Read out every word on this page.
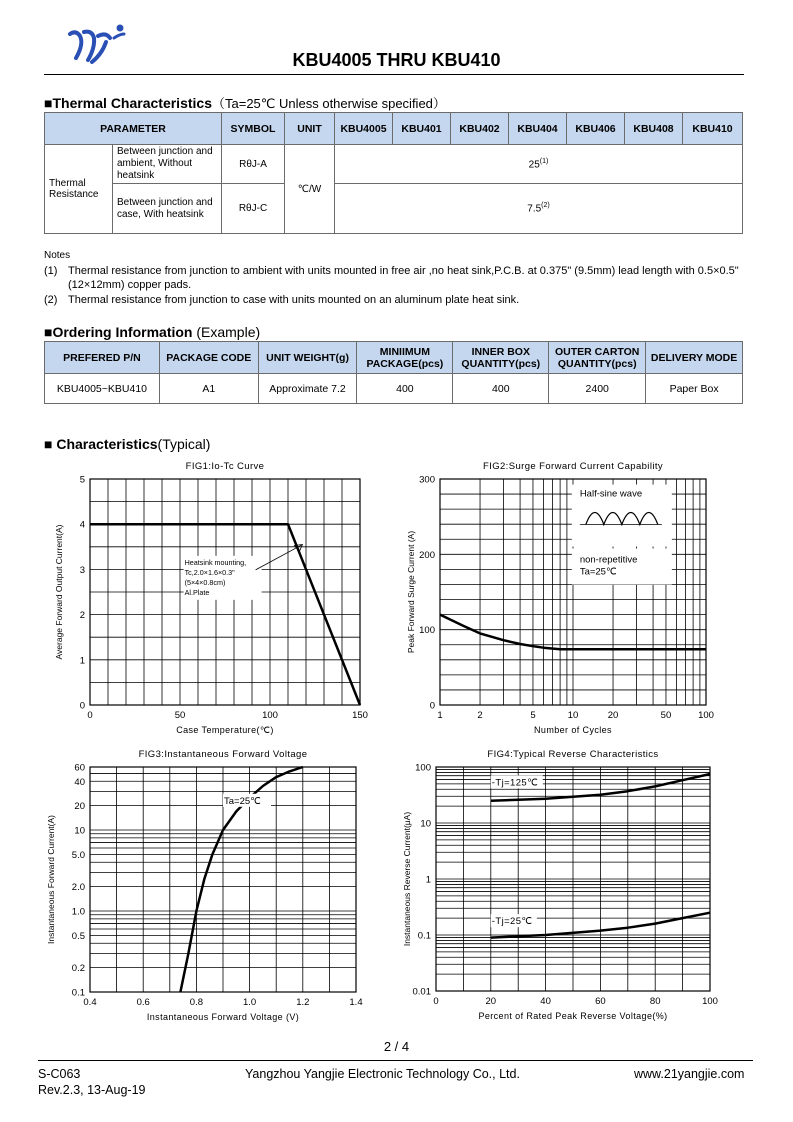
KBU4005 THRU KBU410
■Thermal Characteristics（Ta=25℃ Unless otherwise specified）
PARAMETER		SYMBOL	UNIT	KBU4005	KBU401	KBU402	KBU404	KBU406	KBU408	KBU410
Thermal Resistance	Between junction and ambient, Without heatsink	RθJ-A	℃/W	25$^{(1)}$
	Between junction and case, With heatsink	RθJ-C		7.5$^{(2)}$
Notes
(1) Thermal resistance from junction to ambient with units mounted in free air ,no heat sink,P.C.B. at 0.375" (9.5mm) lead length with 0.5×0.5"(12×12mm) copper pads.
(2) Thermal resistance from junction to case with units mounted on an aluminum plate heat sink.
■Ordering Information (Example)
PREFERED P/N	PACKAGE CODE	UNIT WEIGHT(g)	MINIIMUM PACKAGE(pcs)	INNER BOX QUANTITY(pcs)	OUTER CARTON QUANTITY(pcs)	DELIVERY MODE
KBU4005~KBU410	A1	Approximate 7.2	400	400	2400	Paper Box
■ Characteristics(Typical)
FIG1:Io-Tc Curve
0	50	100	150
0
1
2
3
4
5
Case Temperature(℃)
Average Forward Output Current(A)	Heatsink mounting,
Tc,2.0×1.6×0.3"
(5×4×0.8cm)
Al.Plate
FIG2:Surge Forward Current Capability
1	2	5	10	20	50	100
0
100
200
300
Number of Cycles
Peak Forward Surge Current (A)
Half-sine wave
non-repetitive
Ta=25℃
FIG3:Instantaneous Forward Voltage
0.4	0.6	0.8	1.0	1.2	1.4
0.1
0.2
0.5
1.0
2.0
5.0
10
20
40
60
Instantaneous Forward Voltage (V)
Instantaneous Forward Current(A)
Ta=25℃
FIG4:Typical Reverse Characteristics
0	20	40	60	80	100
0.01
0.1
1
10
100
Percent of Rated Peak Reverse Voltage(%)
Instantaneous Reverse Current(μA)
-Tj=125℃
-Tj=25℃
2 / 4
S-C063
Rev.2.3, 13-Aug-19
Yangzhou Yangjie Electronic Technology Co., Ltd.	www.21yangjie.com
